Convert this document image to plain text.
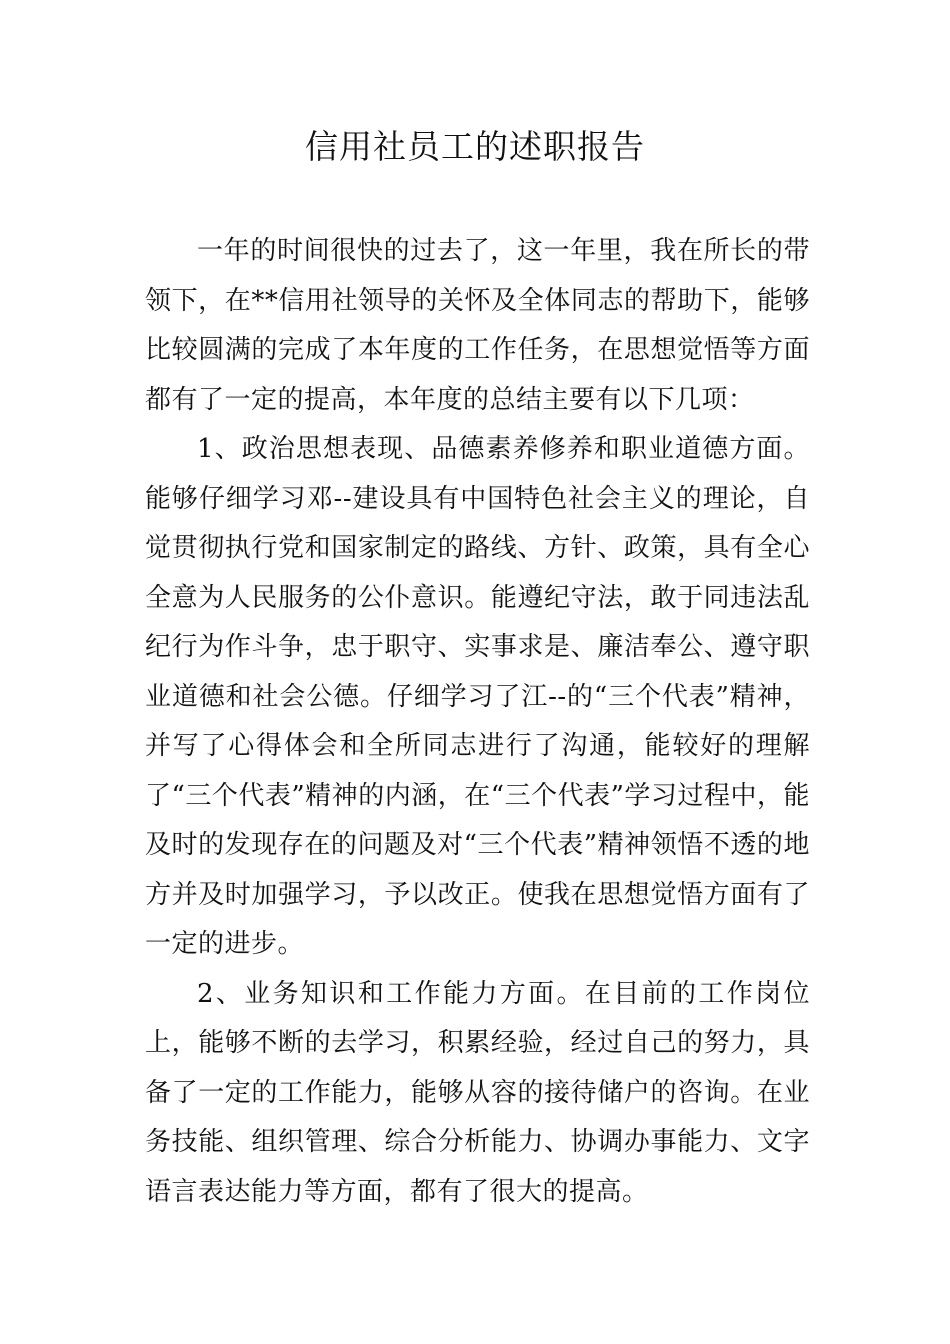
信用社员工的述职报告

一年的时间很快的过去了，这一年里，我在所长的带领下，在**信用社领导的关怀及全体同志的帮助下，能够比较圆满的完成了本年度的工作任务，在思想觉悟等方面都有了一定的提高，本年度的总结主要有以下几项：

1、政治思想表现、品德素养修养和职业道德方面。能够仔细学习邓--建设具有中国特色社会主义的理论，自觉贯彻执行党和国家制定的路线、方针、政策，具有全心全意为人民服务的公仆意识。能遵纪守法，敢于同违法乱纪行为作斗争，忠于职守、实事求是、廉洁奉公、遵守职业道德和社会公德。仔细学习了江--的“三个代表”精神，并写了心得体会和全所同志进行了沟通，能较好的理解了“三个代表”精神的内涵，在“三个代表”学习过程中，能及时的发现存在的问题及对“三个代表”精神领悟不透的地方并及时加强学习，予以改正。使我在思想觉悟方面有了一定的进步。

2、业务知识和工作能力方面。在目前的工作岗位上，能够不断的去学习，积累经验，经过自己的努力，具备了一定的工作能力，能够从容的接待储户的咨询。在业务技能、组织管理、综合分析能力、协调办事能力、文字语言表达能力等方面，都有了很大的提高。
